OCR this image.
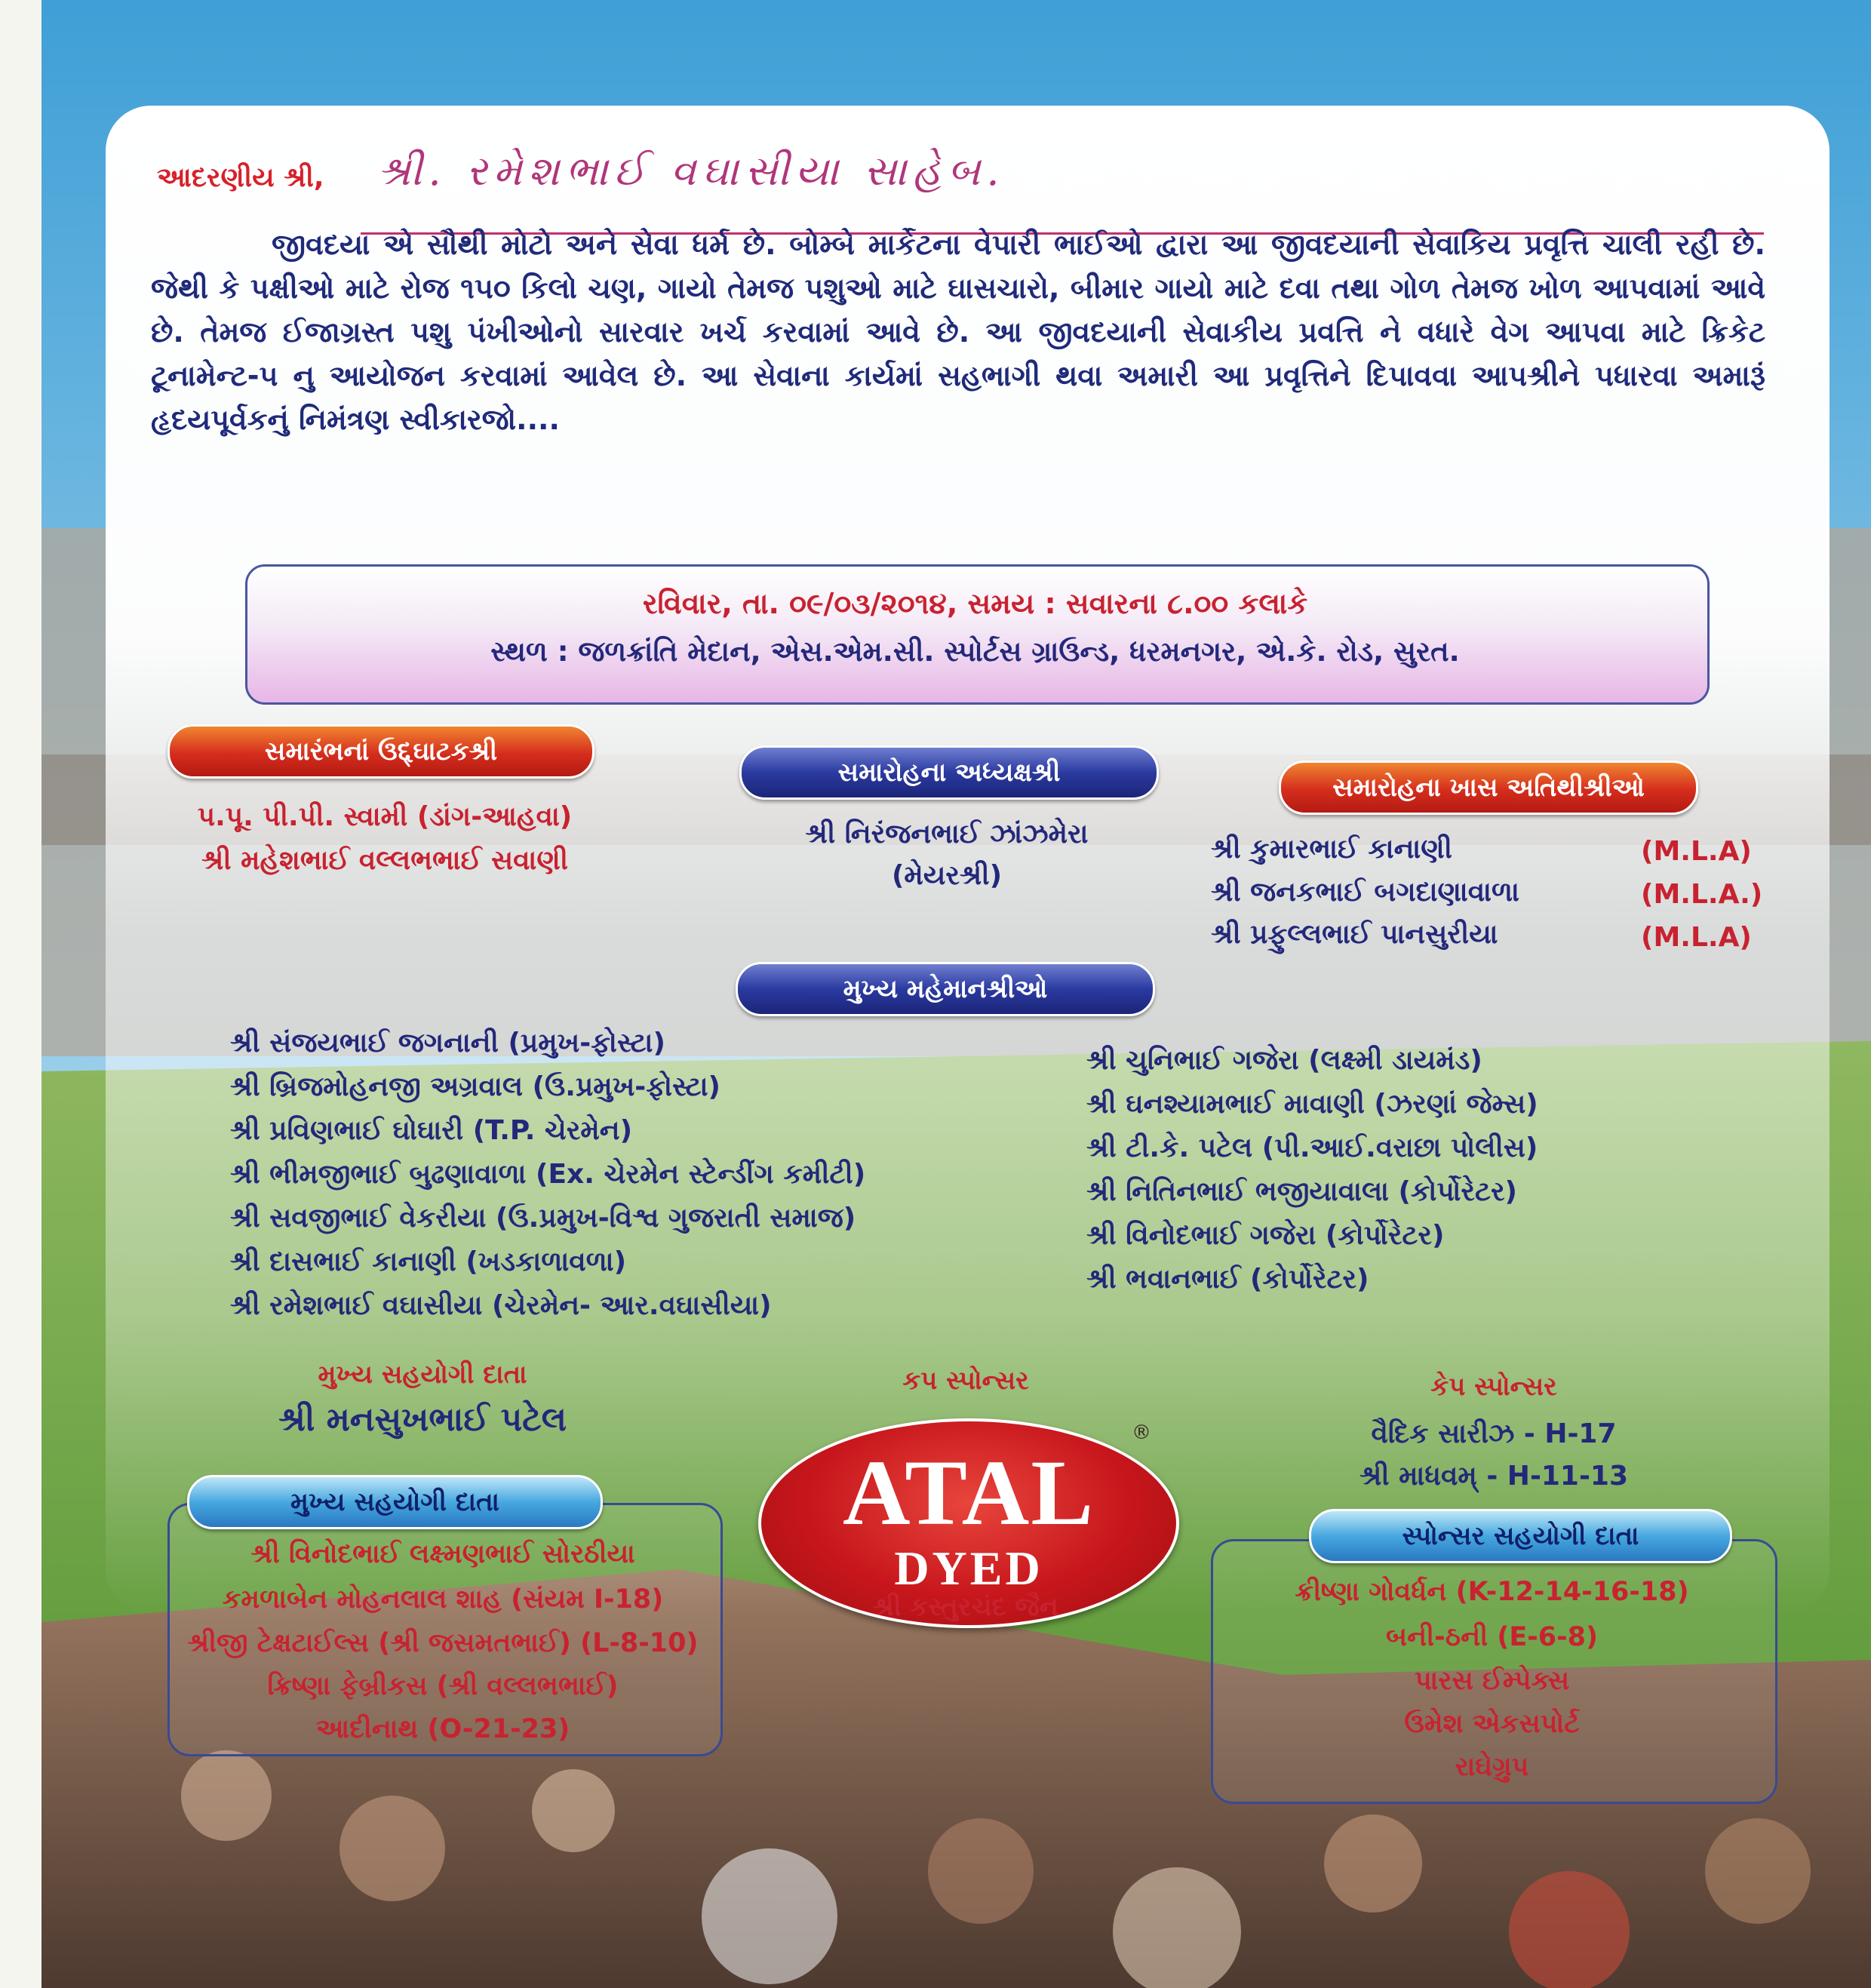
આદરણીય શ્રી, શ્રી. રમેશભાઈ વઘાસીયા સાહેબ.
જીવદયા એ સૌથી મોટો અને સેવા ધર્મ છે. બોમ્બે માર્કેટના વેપારી ભાઈઓ દ્વારા આ જીવદયાની સેવાકિય પ્રવૃત્તિ ચાલી રહી છે. જેથી કે પક્ષીઓ માટે રોજ ૧૫૦ કિલો ચણ, ગાયો તેમજ પશુઓ માટે ઘાસચારો, બીમાર ગાયો માટે દવા તથા ગોળ તેમજ ખોળ આપવામાં આવે છે. તેમજ ઈજાગ્રસ્ત પશુ પંખીઓનો સારવાર ખર્ચ કરવામાં આવે છે. આ જીવદયાની સેવાકીય પ્રવત્તિ ને વધારે વેગ આપવા માટે ક્રિકેટ ટૂનામેન્ટ-૫ નુ આયોજન કરવામાં આવેલ છે. આ સેવાના કાર્યમાં સહભાગી થવા અમારી આ પ્રવૃત્તિને દિપાવવા આપશ્રીને પધારવા અમારૂં હૃદયપૂર્વકનું નિમંત્રણ સ્વીકારજો....
રવિવાર, તા. ૦૯/૦૩/૨૦૧૪, સમય : સવારના ૮.૦૦ કલાકે
સ્થળ : જળક્રાંતિ મેદાન, એસ.એમ.સી. સ્પોર્ટસ ગ્રાઉન્ડ, ધરમનગર, એ.કે. રોડ, સુરત.
સમારંભનાં ઉદ્દ્ઘાટકશ્રી
પ.પૂ. પી.પી. સ્વામી (ડાંગ-આહવા)
શ્રી મહેશભાઈ વલ્લભભાઈ સવાણી
સમારોહના અધ્યક્ષશ્રી
શ્રી નિરંજનભાઈ ઝાંઝમેરા
(મેયરશ્રી)
સમારોહના ખાસ અતિથીશ્રીઓ
શ્રી કુમારભાઈ કાનાણી	(M.L.A)
શ્રી જનકભાઈ બગદાણાવાળા	(M.L.A.)
શ્રી પ્રફુલ્લભાઈ પાનસુરીયા	(M.L.A)
મુખ્ય મહેમાનશ્રીઓ
શ્રી સંજયભાઈ જગનાની (પ્રમુખ-ફોસ્ટા)
શ્રી બ્રિજમોહનજી અગ્રવાલ (ઉ.પ્રમુખ-ફોસ્ટા)
શ્રી પ્રવિણભાઈ ઘોઘારી (T.P. ચેરમેન)
શ્રી ભીમજીભાઈ બુઢણાવાળા (Ex. ચેરમેન સ્ટેન્ડીંગ કમીટી)
શ્રી સવજીભાઈ વેકરીયા (ઉ.પ્રમુખ-વિશ્વ ગુજરાતી સમાજ)
શ્રી દાસભાઈ કાનાણી (ખડકાળાવળા)
શ્રી રમેશભાઈ વઘાસીયા (ચેરમેન- આર.વઘાસીયા)
શ્રી ચુનિભાઈ ગજેરા (લક્ષ્મી ડાયમંડ)
શ્રી ઘનશ્યામભાઈ માવાણી (ઝરણાં જેમ્સ)
શ્રી ટી.કે. પટેલ (પી.આઈ.વરાછા પોલીસ)
શ્રી નિતિનભાઈ ભજીયાવાલા (કોર્પોરેટર)
શ્રી વિનોદભાઈ ગજેરા (કોર્પોરેટર)
શ્રી ભવાનભાઈ (કોર્પોરેટર)
મુખ્ય સહયોગી દાતા
શ્રી મનસુખભાઈ પટેલ
મુખ્ય સહયોગી દાતા
શ્રી વિનોદભાઈ લક્ષ્મણભાઈ સોરઠીયા
કમળાબેન મોહનલાલ શાહ (સંયમ I-18)
શ્રીજી ટેક્ષટાઈલ્સ (શ્રી જસમતભાઈ) (L-8-10)
ક્રિષ્ણા ફેબ્રીકસ (શ્રી વલ્લભભાઈ)
આદીનાથ (O-21-23)
કપ સ્પોન્સર
ATAL
DYED
®
શ્રી કસ્તુરચંદ જૈન
કેપ સ્પોન્સર
વૈદિક સારીઝ - H-17
શ્રી માધવમ્ - H-11-13
સ્પોન્સર સહયોગી દાતા
ક્રીષ્ણા ગોવર્ધન (K-12-14-16-18)
બની-ઠની (E-6-8)
પારસ ઈમ્પેક્સ
ઉમેશ એકસપોર્ટ
રાઘેગ્રુપ
